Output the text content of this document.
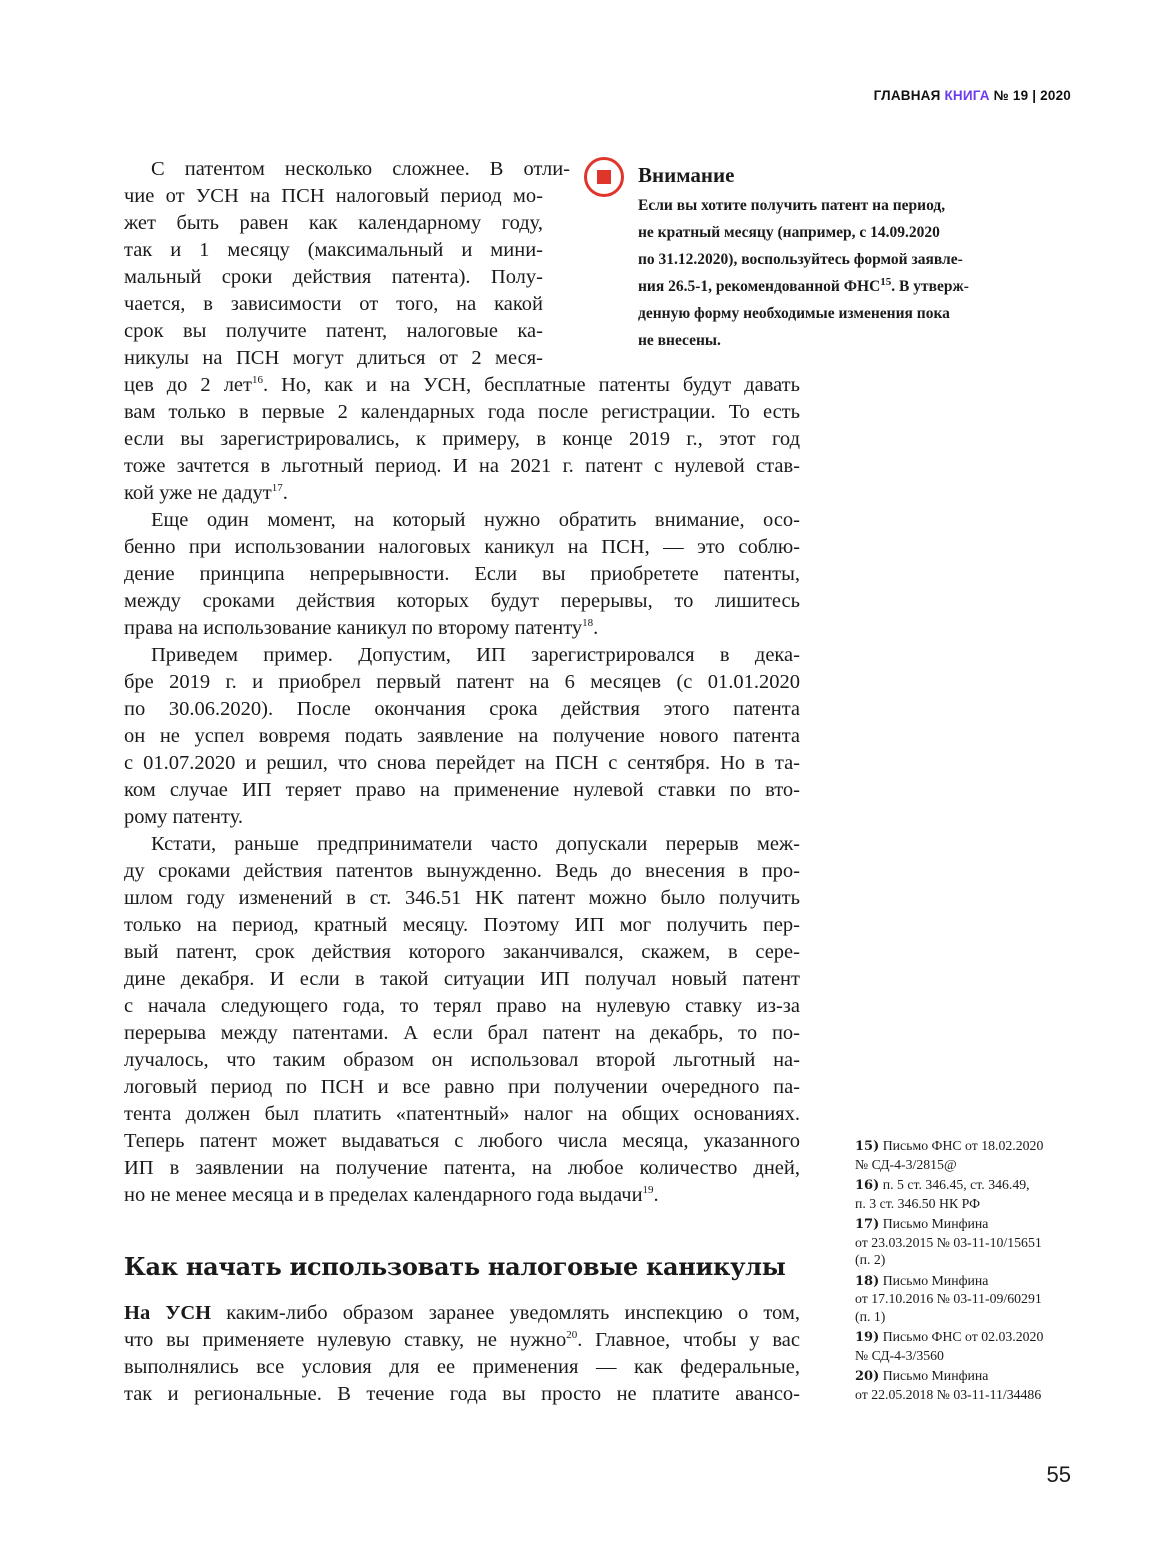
ГЛАВНАЯ КНИГА № 19 | 2020
С патентом несколько сложнее. В отли-
чие от УСН на ПСН налоговый период мо-
жет быть равен как календарному году,
так и 1 месяцу (максимальный и мини-
мальный сроки действия патента). Полу-
чается, в зависимости от того, на какой
срок вы получите патент, налоговые ка-
никулы на ПСН могут длиться от 2 меся-
цев до 2 лет$^{16}$. Но, как и на УСН, бесплатные патенты будут давать
вам только в первые 2 календарных года после регистрации. То есть
если вы зарегистрировались, к примеру, в конце 2019 г., этот год
тоже зачтется в льготный период. И на 2021 г. патент с нулевой став-
кой уже не дадут$^{17}$.
Еще один момент, на который нужно обратить внимание, осо-
бенно при использовании налоговых каникул на ПСН, — это соблю-
дение принципа непрерывности. Если вы приобретете патенты,
между сроками действия которых будут перерывы, то лишитесь
права на использование каникул по второму патенту$^{18}$.
Приведем пример. Допустим, ИП зарегистрировался в дека-
бре 2019 г. и приобрел первый патент на 6 месяцев (с 01.01.2020
по 30.06.2020). После окончания срока действия этого патента
он не успел вовремя подать заявление на получение нового патента
с 01.07.2020 и решил, что снова перейдет на ПСН с сентября. Но в та-
ком случае ИП теряет право на применение нулевой ставки по вто-
рому патенту.
Кстати, раньше предприниматели часто допускали перерыв меж-
ду сроками действия патентов вынужденно. Ведь до внесения в про-
шлом году изменений в ст. 346.51 НК патент можно было получить
только на период, кратный месяцу. Поэтому ИП мог получить пер-
вый патент, срок действия которого заканчивался, скажем, в сере-
дине декабря. И если в такой ситуации ИП получал новый патент
с начала следующего года, то терял право на нулевую ставку из-за
перерыва между патентами. А если брал патент на декабрь, то по-
лучалось, что таким образом он использовал второй льготный на-
логовый период по ПСН и все равно при получении очередного па-
тента должен был платить «патентный» налог на общих основаниях.
Теперь патент может выдаваться с любого числа месяца, указанного
ИП в заявлении на получение патента, на любое количество дней,
но не менее месяца и в пределах календарного года выдачи$^{19}$.
Внимание
Если вы хотите получить патент на период,
не кратный месяцу (например, с 14.09.2020
по 31.12.2020), воспользуйтесь формой заявле-
ния 26.5-1, рекомендованной ФНС$^{15}$. В утверж-
денную форму необходимые изменения пока
не внесены.
Как начать использовать налоговые каникулы
На УСН каким-либо образом заранее уведомлять инспекцию о том,
что вы применяете нулевую ставку, не нужно$^{20}$. Главное, чтобы у вас
выполнялись все условия для ее применения — как федеральные,
так и региональные. В течение года вы просто не платите авансо-
15) Письмо ФНС от 18.02.2020
№ СД-4-3/2815@
16) п. 5 ст. 346.45, ст. 346.49,
п. 3 ст. 346.50 НК РФ
17) Письмо Минфина
от 23.03.2015 № 03-11-10/15651
(п. 2)
18) Письмо Минфина
от 17.10.2016 № 03-11-09/60291
(п. 1)
19) Письмо ФНС от 02.03.2020
№ СД-4-3/3560
20) Письмо Минфина
от 22.05.2018 № 03-11-11/34486
55
